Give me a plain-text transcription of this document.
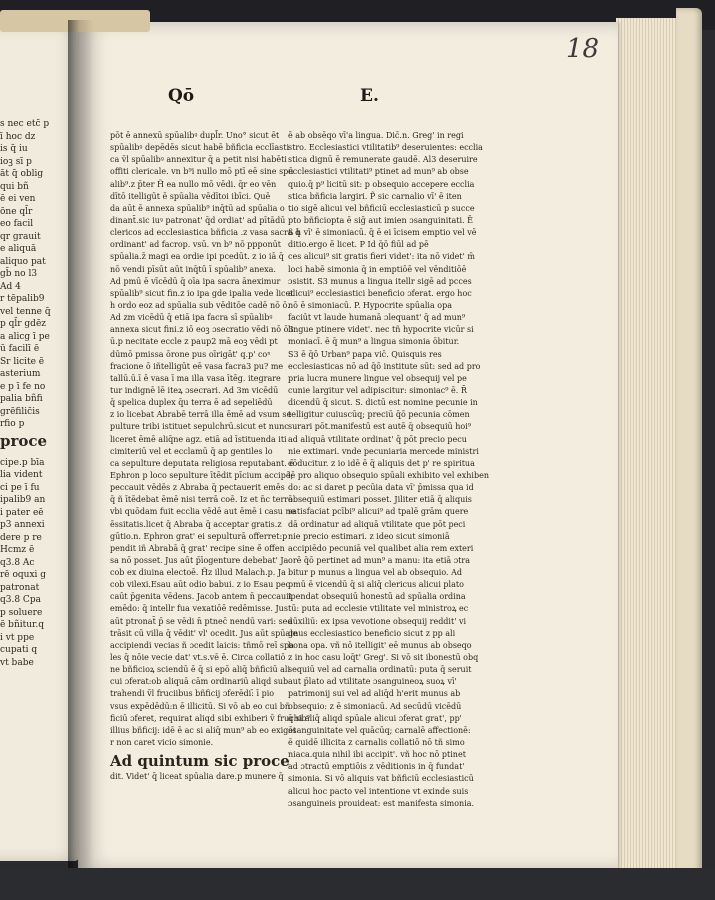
s nec etc̄ p
ī hoc dz
is q̄ iu
ioꝫ sī p
āt q̄ oblig
qui bñ
ē ei ven
ōne ql̄r
eo facil
qr grauit
e aliquā
aliquo pat
gb̄ no l3
Ad 4
r tēpalib9
vel tenne q̄
p ql̄r gdēz
a alicg ī pe
ū facilī ē
Sr licite ē
asterium
e p ī fe no
palia bñfi
grēfilic̄is
rfio p
proce
cipe.p bīa
lia vident
ci pe ī fu
ipalib9 an
i pater eē
p3 annexi
dere p re
Hcmz ē
q3.8 Ac
rē oquxi g
patronat
q3.8 Cpa
p soluere
ē bñitur.q
i vt ppe
cupati q
vt babe
18
Qō	E.
pōt ē annexū spūalibꝰ dupl̄r. Uno° sicut ēt
spūalibꝰ depēdēs sicut habē bñficia ecclīasti
ca v̄l spūalibꝰ annexitur q̄ a petit nisi habēti
offiti clericale. vn b⁹i nullo mō ptī eē sine spū
alib⁹.z p̄ter H̃ ea nullo mō vēdi. q̄r eo vēn
dītō itelligūt ē spūalia vēdītoi ibīci. Quē
da aūt ē annexa spūalib⁹ inq̄tū ad spūalia o
dinant̄.sic iuꝰ patronat' q̄d ordiat' ad pītādū
clericos ad ecclesiastica bñficia .z vasa sacra q̄
ordinant' ad facrop. vsū. vn b⁹ nō ppponūt
spūalia.z̄ magi ea ordie ipi pcedūt. z io iā q̄
nō vendi pīsūt aūt inq̄tū ī spūalib⁹ anexa.
Ad pmū ē vīcēdū q̄ oīa ipa sacra āneximur
spūalib⁹ sicut fin.z io ipa gde ipalia vede licet
h ordo eoz ad spūalia sub vēditōe cadē nō ō.
Ad zm vicēdū q̄ etiā ipa facra sī spūalibꝰ
annexa sicut fini.z iō eoꝫ ɔsecratio vēdi nō ō3.
ū.p necitate eccle z paup2 mā eoꝫ vēdi pt
dūmō pmissa ōrone pus oīrigāt' q.p' coⁿ
fracione ō iñtelligūt eē vasa facra3 pu? me
tallū.ū.ī ē vasa ī ma illa vasa ītēg. itegrare
tur indignē lē iteꝝ ɔsecrari. Ad 3m vicēdū
q̄ spelica duplex q̄u terra ē ad sepeliēdū
z io licebat Abrabē terrā illa ēmē ad vsum se
pulture tribi istituet sepulchrū.sicut et nunc
liceret ēmē aliq̄ne agz. etiā ad īstituenda iti
cimiteriū vel et ecclamū q̄ ap gentiles lo
ca sepulture deputata religiosa reputabant. ē
Ephron p loco sepulture ītēdit pīcium accipē;
peccauit vēdēs z Abraba q̄ pectauerit emēs
q̄ ñ ītēdebat ēmē nisi terrā coē. Iz et n̄c terrā
vbi quōdam fuit ecclia vēdē aut ēmē i casu ne
ēssitatis.licet q̄ Abraba q̄ acceptar gratis.z
gūtio.n. Ephron grat' ei sepulturā offerret:p
pendit iñ Abrabā q̄ grat' recipe sine ē̄ offen
sa nō posset. Jus aūt p̄īogenture debebat' Ja
cob ex diuina electoē. H̃z illud Malach.p. Ja
cob vilexi.Esau aūt odio babui. z io Esau pec
caūt p̄genita vēdens. Jacob antem n̄ peccauit
emēdo: q̄ intellr fua vexatiōē redēmisse. Jus
aūt ptronat̄ p̄ se vēdi n̄ ptnec̄ nendū vari: sed
trāsit cū villa q̄ vēdit' vl' ocedit. Jus aūt spūale
accipiendi vecias ñ ɔcedit laicis: tñmō reī spa
les q̄ nōie vecie dat' vt.s.vē ē. Circa collatiō
ne bñficioꝝ sciendū ē q̄ si epō aliq̄ bñficiū ali
cui ɔferat:ob aliquā cām ordinariū aliqd sub
trahendi v̄l fruciibus bñficij ɔferēdi:̄ ī pio
vsus expēdēdū:n ē illicitū. Si vō ab eo cui bñ
ficiū ɔferet, requirat aliqd sibi exhiberi v̄ fruchib⁹
illius bñficij: idē ē ac si aliq̄ mun⁹ ab eo exigēt
r non caret vicio simonie.
Ad quintum sic proce
dit. Videt' q̄ liceat spūalia dare.p munere q̄
ē ab obsēqo vī'a lingua. Dic̄.n. Greg' in regi
stro. Ecclesiastici vtilitatib⁹ deseruientes: ecclia
stica dignū ē remunerate gaudē. Al3 deseruire
ecclesiastici vtilitati⁹ ptinet ad mun⁹ ab obse
quio.q̄ p⁹ licitū sit: p obsequio accepere ecclia
stica bñficia largiri. P̃ sic carnalio vī' ē iten
tio sigē alicui vel bñficiū ecclesiasticū p succe
pto bñficiopta ē siḡ aut imien ɔsanguinitati. Ē
ß h vī' ē simoniacū. q̄ ē ei īcisem emptio vel vē
ditio.ergo ē licet. P Id q̄ō fiūl ad pē
ces alicui⁹ sit gratis fieri videt': ita nō videt' m̄
loci habē simonia q̄ in emptiōē vel vēnditiōē
ɔsistit. S3 munus a lingua itellr sigē ad pcces
alicui⁹ ecclesiastici beneficio ɔferat. ergo hoc
nō ē simoniacū. P. Hypocrite spūalia opa
faciūt vt laude humanā ɔlequant' q̄ ad mun⁹
lingue ptinere videt'. nec tñ hypocrite vicūr si
moniacī. ē q̄ mun⁹ a lingua simonia ōbitur.
S3 ē q̄ō Urban⁹ papa vic̄. Quisquis res
ecclesiasticas nō ad q̄ō institute sūt: sed ad pro
pria lucra munere lingue vel obsequij vel pe
cunie largitur vel adipiscitur: simoniac⁹ ē. R̄
dicendū q̄ sicut. S. dictū est nomine pecunie in
telligitur cuiuscūq; preciū q̄ō pecunia cōmen
surari pōt.manifestū est autē q̄ obsequiū hoi⁹
ad aliquā vtilitate ordinat' q̄ pōt precio pecu
nie extimari. vnde pecuniaria mercede ministri
cōducitur. z io idē ē q̄ aliquis det p' re spiritua
lē pro aliquo obsequio spūali exhibito vel exhiben
do: ac si daret p pecūia data vī' p̄missa qua id
obsequiū estimari posset. Jiliter etiā q̄ aliquis
satisfaciat pcībi⁹ alicui⁹ ad tpalē grām quere
dā ordinatur ad aliquā vtilitate que pōt peci
nie precio estimari. z ideo sicut simoniā
accipiēdo pecuniā vel qualibet alia rem exteri
orē q̄ō pertinet ad mun⁹ a manu: ita etiā ɔtra
bitur p munus a lingua vel ab obsequio. Ad
pmū ē vicendū q̄ si aliq̄ clericus alicui plato
ipendat obsequiū honestū ad spūalia ordina
tū: puta ad ecclesie vtilitate vel ministroꝝ ec
aūxiliū: ex ipsa vevotione obsequij reddit' vi
gnus ecclesiastico beneficio sicut z pp ali
bona opa. vñ nō itelligit' eē munus ab obseqo
z in hoc casu loq̄t' Greg'. Si vō sit ibonestū obq
sequiū vel ad carnalia ordinatū: puta q̄ seruit
aut p̄lato ad vtilitate ɔsanguineoꝝ suoꝝ vī'
patrimonij sui vel ad aliq̄d h'erit munus ab
obsequio: z ē simoniacū. Ad secūdū vicēdū
q̄ si aliq̄ aliqd spūale alicui ɔferat grat', pp'
ɔsanguinitate vel quācūq; carnalē affectionē:
ē quidē illicita z carnalis collatiō nō tñ simo
niaca.quia nihil ibi accipit'. vñ hoc nō ptinet
ad ɔtractū emptiōis z vēditionis in q̄ fundat'
simonia. Si vō aliquis vat bñficiū ecclesiasticū
alicui hoc pacto vel intentione vt exinde suis
ɔsanguineis prouideat: est manifesta simonia.
